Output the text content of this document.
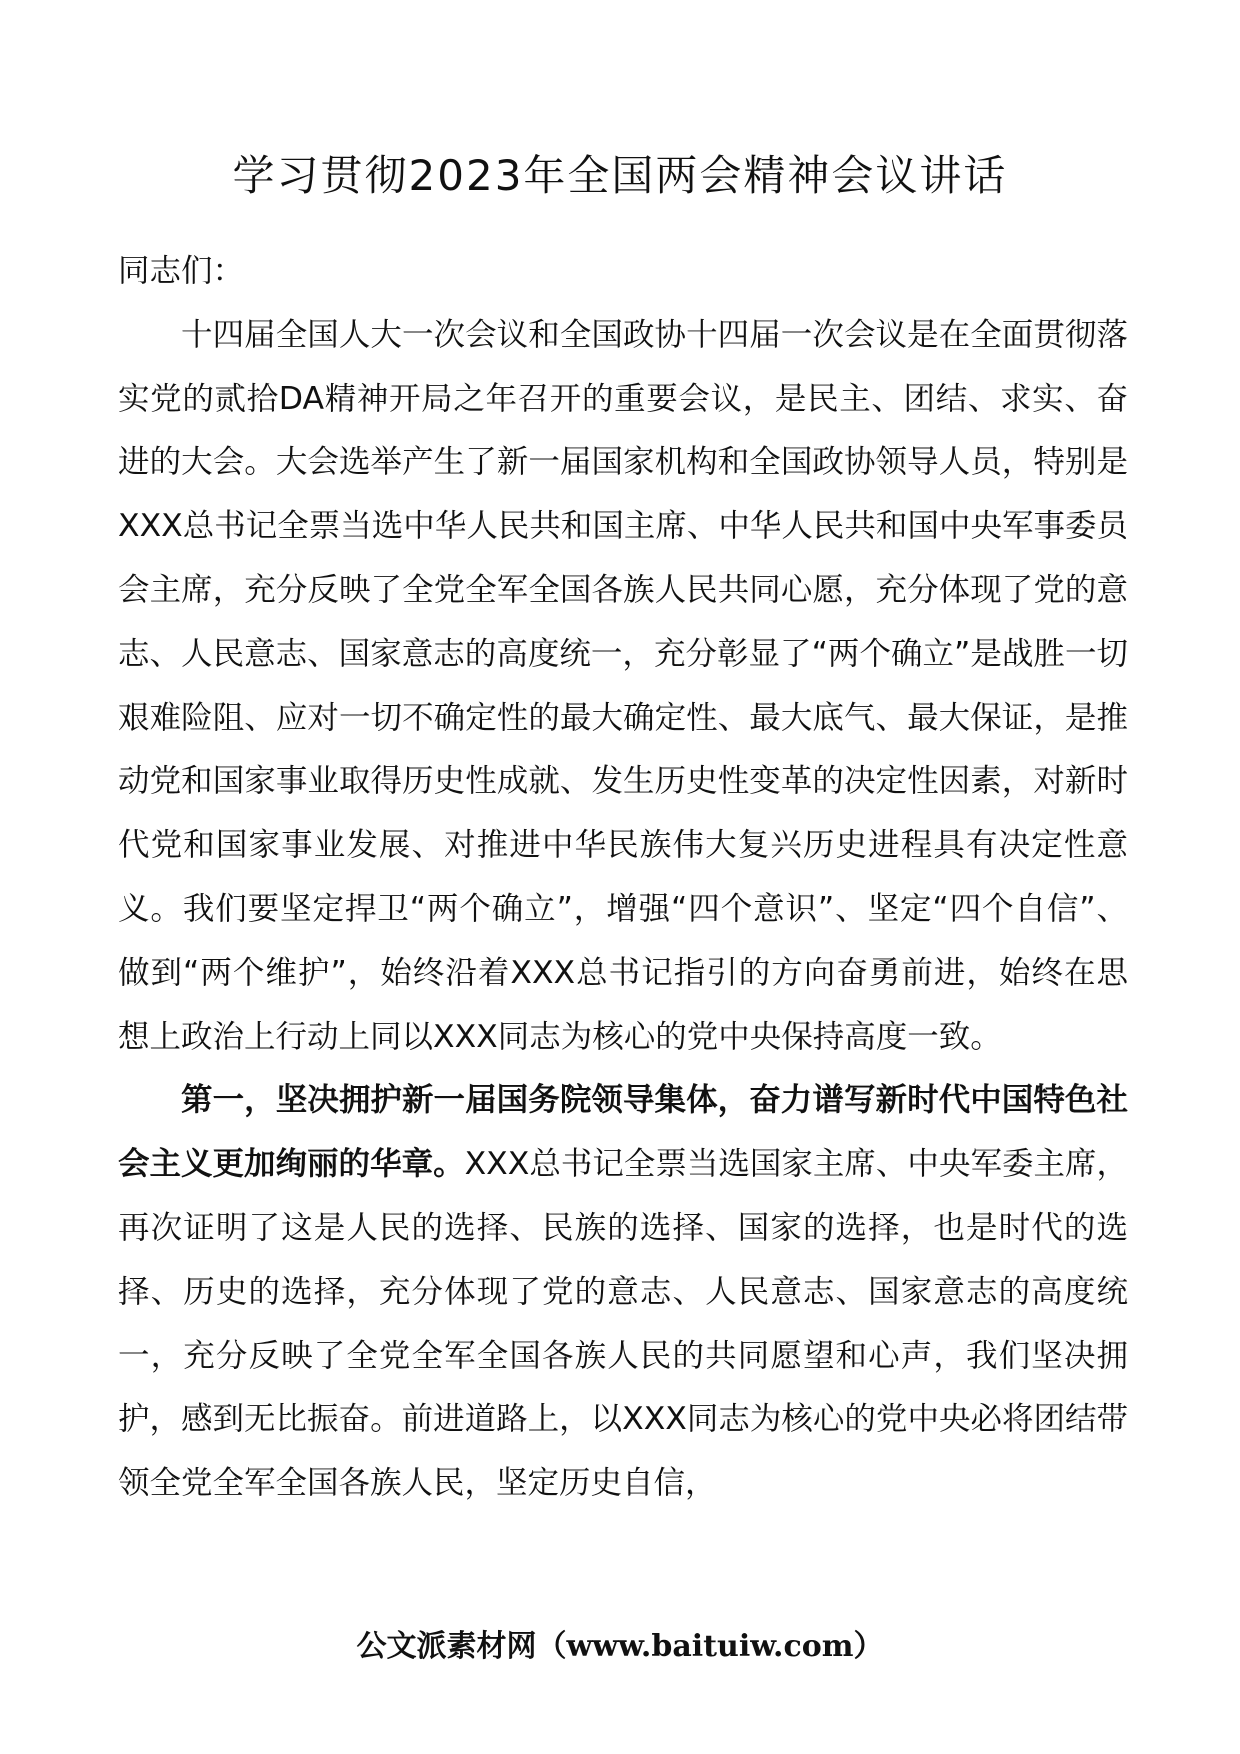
学习贯彻2023年全国两会精神会议讲话

同志们：

十四届全国人大一次会议和全国政协十四届一次会议是在全面贯彻落实党的贰拾DA精神开局之年召开的重要会议，是民主、团结、求实、奋进的大会。大会选举产生了新一届国家机构和全国政协领导人员，特别是XXX总书记全票当选中华人民共和国主席、中华人民共和国中央军事委员会主席，充分反映了全党全军全国各族人民共同心愿，充分体现了党的意志、人民意志、国家意志的高度统一，充分彰显了“两个确立”是战胜一切艰难险阻、应对一切不确定性的最大确定性、最大底气、最大保证，是推动党和国家事业取得历史性成就、发生历史性变革的决定性因素，对新时代党和国家事业发展、对推进中华民族伟大复兴历史进程具有决定性意义。我们要坚定捍卫“两个确立”，增强“四个意识”、坚定“四个自信”、做到“两个维护”，始终沿着XXX总书记指引的方向奋勇前进，始终在思想上政治上行动上同以XXX同志为核心的党中央保持高度一致。

第一，坚决拥护新一届国务院领导集体，奋力谱写新时代中国特色社会主义更加绚丽的华章。XXX总书记全票当选国家主席、中央军委主席，再次证明了这是人民的选择、民族的选择、国家的选择，也是时代的选择、历史的选择，充分体现了党的意志、人民意志、国家意志的高度统一，充分反映了全党全军全国各族人民的共同愿望和心声，我们坚决拥护，感到无比振奋。前进道路上，以XXX同志为核心的党中央必将团结带领全党全军全国各族人民，坚定历史自信，

公文派素材网（www.baituiw.com）
